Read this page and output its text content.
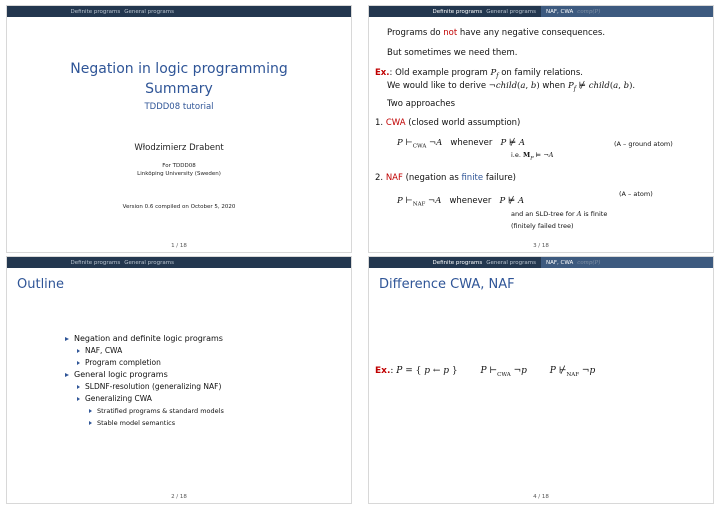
Definite programs General programs
Negation in logic programming
Summary
TDDD08 tutorial
Włodzimierz Drabent
For TDDD08
Linköping University (Sweden)
Version 0.6 compiled on October 5, 2020
1 / 18
Definite programs General programs NAF, CWA comp(P)
Programs do not have any negative consequences.
But sometimes we need them.
Ex.: Old example program $P_f$ on family relations.
We would like to derive ¬child(a, b) when $P_f$ ⊭ child(a, b).
Two approaches
1. CWA (closed world assumption)
P $⊢_{CWA}$ ¬A whenever P ⊭ A	(A – ground atom)
i.e. $M_P$ ⊨ ¬A
2. NAF (negation as finite failure)
(A – atom)
P $⊢_{NAF}$ ¬A whenever P ⊭ A
and an SLD-tree for A is finite
(finitely failed tree)
3 / 18
Definite programs General programs
Outline
Negation and definite logic programs
NAF, CWA
Program completion
General logic programs
SLDNF-resolution (generalizing NAF)
Generalizing CWA
Stratified programs & standard models
Stable model semantics
2 / 18
Definite programs General programs NAF, CWA comp(P)
Difference CWA, NAF
Ex.: P = { p ← p }	P $⊢_{CWA}$ ¬p	P $⊬_{NAF}$ ¬p
4 / 18
